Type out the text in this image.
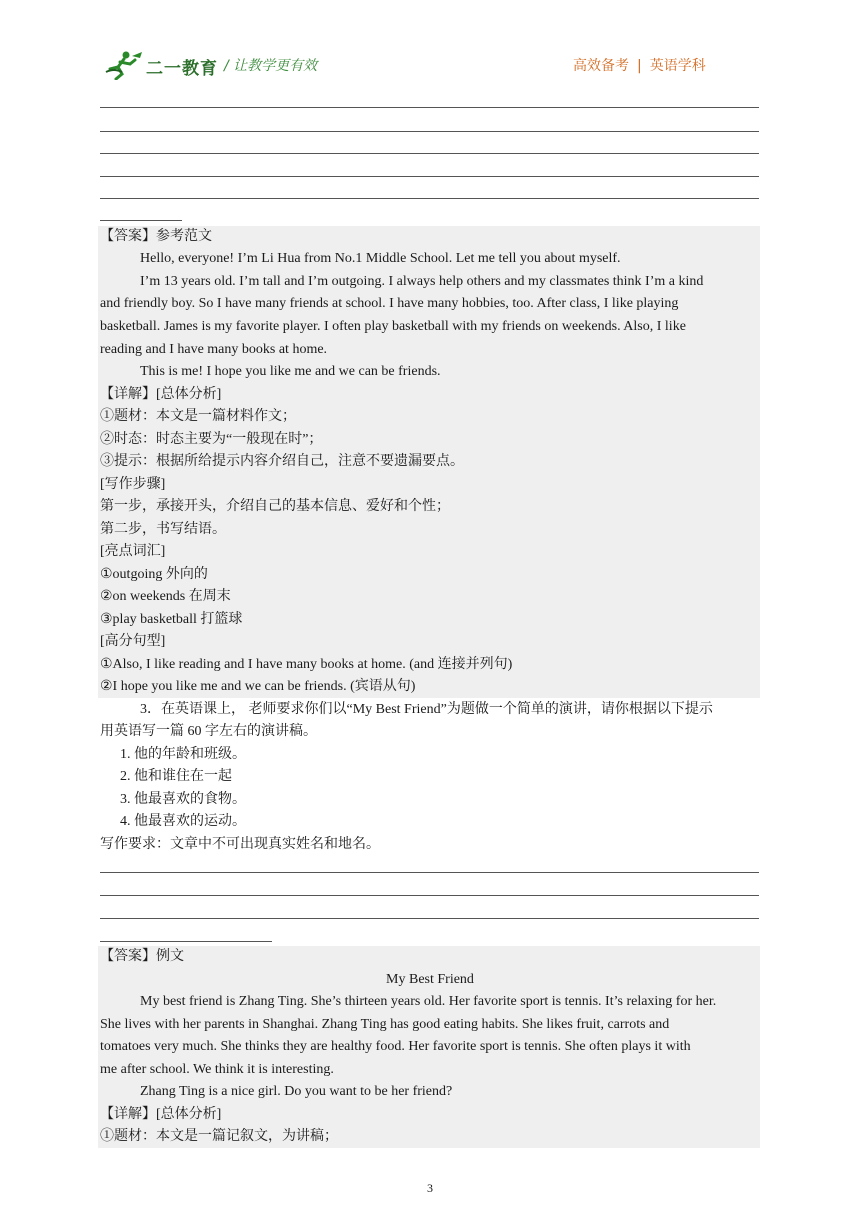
二一教育 / 让教学更有效	高效备考 | 英语学科
【答案】参考范文
Hello, everyone! I’m Li Hua from No.1 Middle School. Let me tell you about myself.
I’m 13 years old. I’m tall and I’m outgoing. I always help others and my classmates think I’m a kind
and friendly boy. So I have many friends at school. I have many hobbies, too. After class, I like playing
basketball. James is my favorite player. I often play basketball with my friends on weekends. Also, I like
reading and I have many books at home.
This is me! I hope you like me and we can be friends.
【详解】[总体分析]
①题材：本文是一篇材料作文；
②时态：时态主要为“一般现在时”；
③提示：根据所给提示内容介绍自己，注意不要遗漏要点。
[写作步骤]
第一步，承接开头，介绍自己的基本信息、爱好和个性；
第二步，书写结语。
[亮点词汇]
①outgoing 外向的
②on weekends 在周末
③play basketball 打篮球
[高分句型]
①Also, I like reading and I have many books at home. (and 连接并列句)
②I hope you like me and we can be friends. (宾语从句)
3．在英语课上， 老师要求你们以“My Best Friend”为题做一个简单的演讲，请你根据以下提示
用英语写一篇 60 字左右的演讲稿。
1. 他的年龄和班级。
2. 他和谁住在一起
3. 他最喜欢的食物。
4. 他最喜欢的运动。
写作要求：文章中不可出现真实姓名和地名。
【答案】例文
My Best Friend
My best friend is Zhang Ting. She’s thirteen years old. Her favorite sport is tennis. It’s relaxing for her.
She lives with her parents in Shanghai. Zhang Ting has good eating habits. She likes fruit, carrots and
tomatoes very much. She thinks they are healthy food. Her favorite sport is tennis. She often plays it with
me after school. We think it is interesting.
Zhang Ting is a nice girl. Do you want to be her friend?
【详解】[总体分析]
①题材：本文是一篇记叙文，为讲稿；
3
